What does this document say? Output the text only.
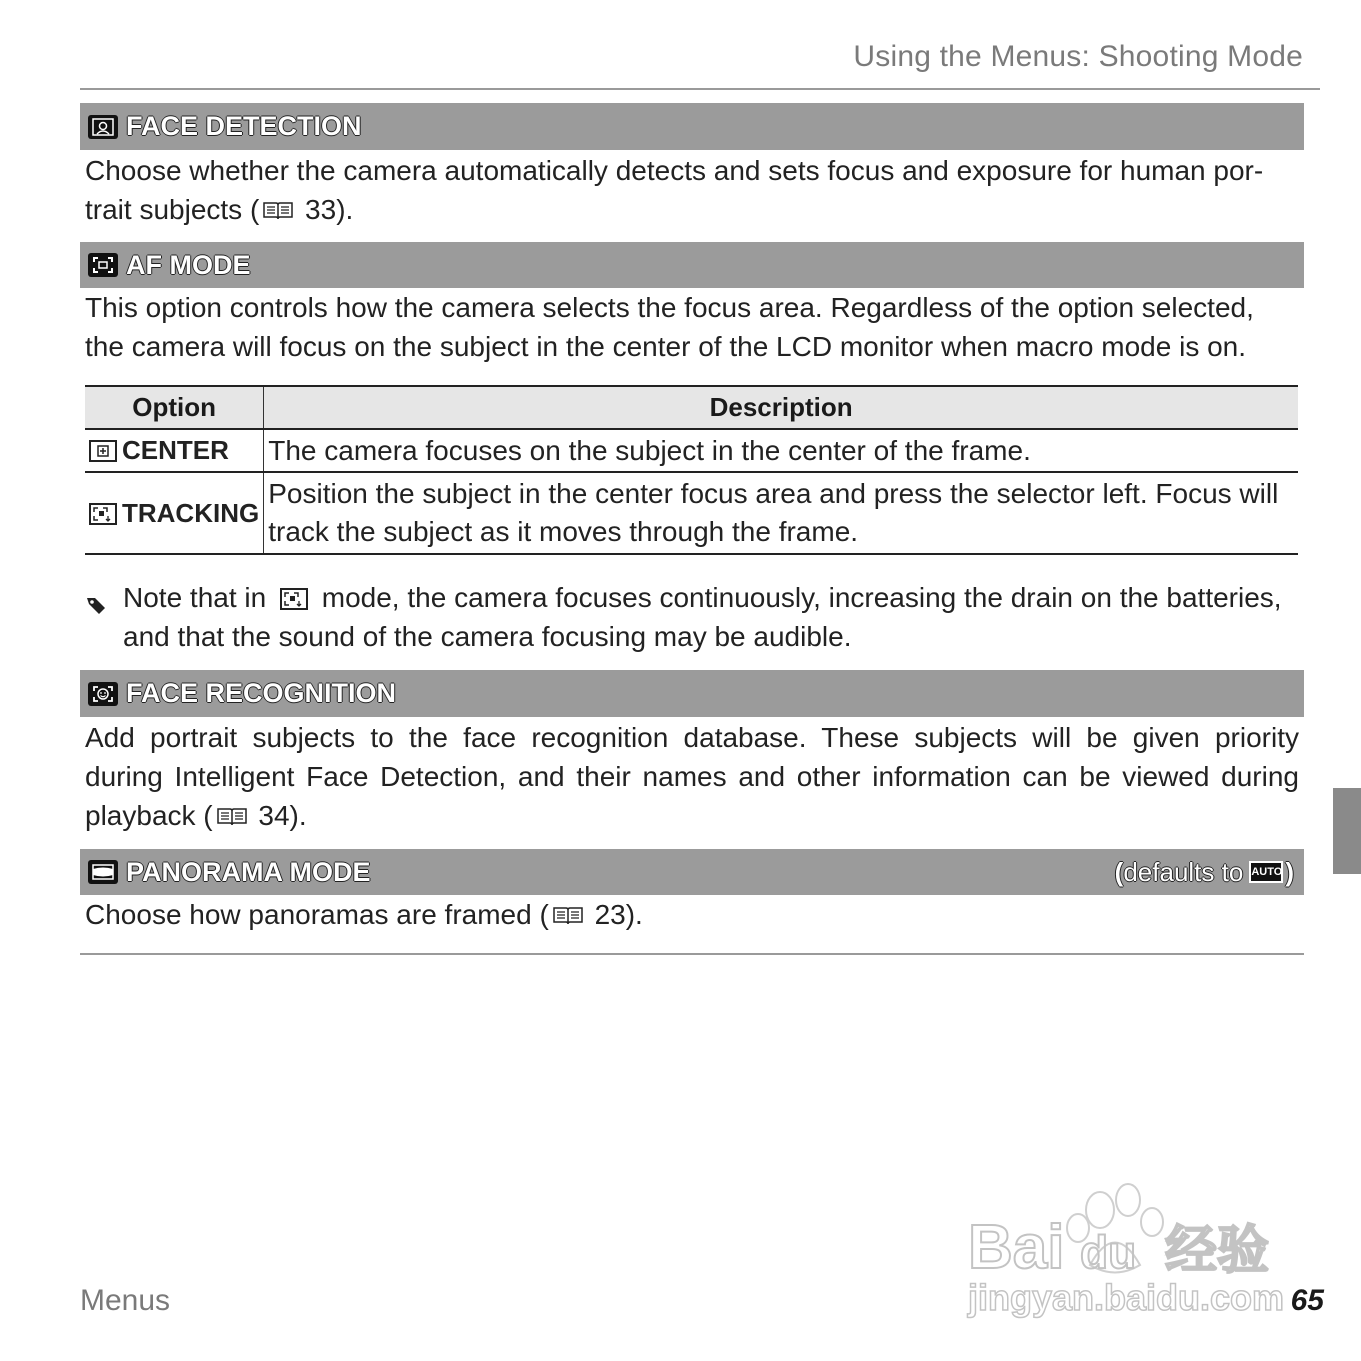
Using the Menus: Shooting Mode
FACE DETECTION
Choose whether the camera automatically detects and sets focus and exposure for human por-
trait subjects ( 33).
AF MODE
This option controls how the camera selects the focus area. Regardless of the option selected,
the camera will focus on the subject in the center of the LCD monitor when macro mode is on.
Option	Description

CENTER	The camera focuses on the subject in the center of the frame.

TRACKING	Position the subject in the center focus area and press the selector left. Focus will
track the subject as it moves through the frame.
Note that in
mode, the camera focuses continuously, increasing the drain on the batteries,
and that the sound of the camera focusing may be audible.
FACE RECOGNITION
Add portrait subjects to the face recognition database. These subjects will be given priority
during Intelligent Face Detection, and their names and other information can be viewed during
playback ( 34).
PANORAMA MODE	( defaults to AUTO )
Choose how panoramas are framed ( 23).
Bai du 经验
jingyan.baidu.com
Menus	65
